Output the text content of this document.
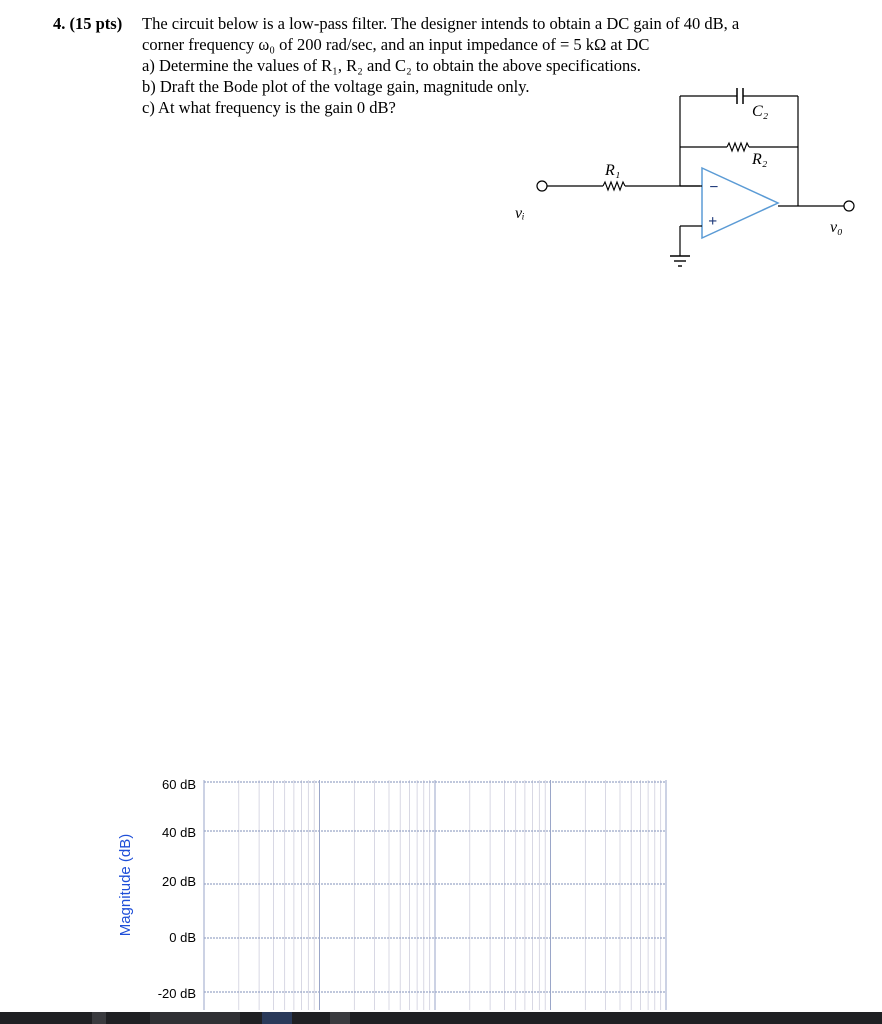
4. (15 pts) The circuit below is a low-pass filter. The designer intends to obtain a DC gain of 40 dB, a
corner frequency ω₀ of 200 rad/sec, and an input impedance of = 5 kΩ at DC
a) Determine the values of R₁, R₂ and C₂ to obtain the above specifications.
b) Draft the Bode plot of the voltage gain, magnitude only.
c) At what frequency is the gain 0 dB?
vᵢ
R₁
C₂
R₂
−
+	v₀
Magnitude (dB)
60 dB
40 dB
20 dB
0 dB
-20 dB
